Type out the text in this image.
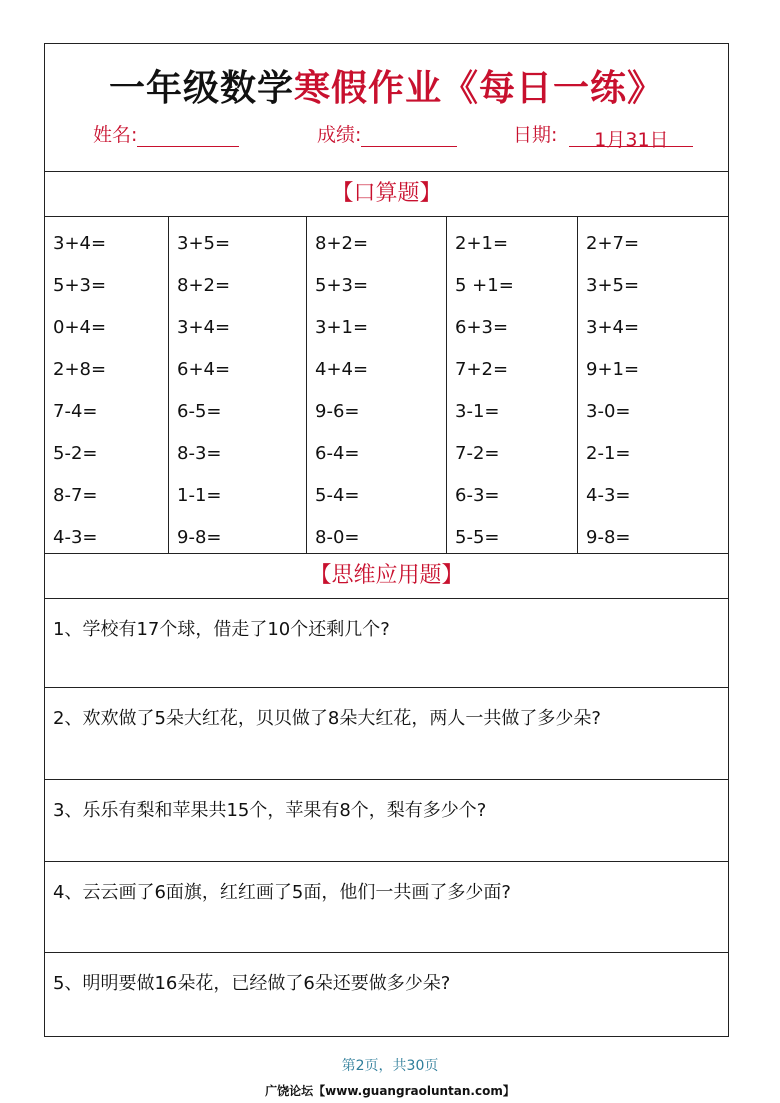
一年级数学寒假作业《每日一练》
姓名:	成绩:	日期: 1月31日
【口算题】
3+4=
5+3=
0+4=
2+8=
7-4=
5-2=
8-7=
4-3=
3+5=
8+2=
3+4=
6+4=
6-5=
8-3=
1-1=
9-8=
8+2=
5+3=
3+1=
4+4=
9-6=
6-4=
5-4=
8-0=
2+1=
5 +1=
6+3=
7+2=
3-1=
7-2=
6-3=
5-5=
2+7=
3+5=
3+4=
9+1=
3-0=
2-1=
4-3=
9-8=
【思维应用题】
1、学校有17个球，借走了10个还剩几个?
2、欢欢做了5朵大红花，贝贝做了8朵大红花，两人一共做了多少朵?
3、乐乐有梨和苹果共15个，苹果有8个，梨有多少个?
4、云云画了6面旗，红红画了5面，他们一共画了多少面?
5、明明要做16朵花，已经做了6朵还要做多少朵?
第2页，共30页
广饶论坛【www.guangraoluntan.com】
